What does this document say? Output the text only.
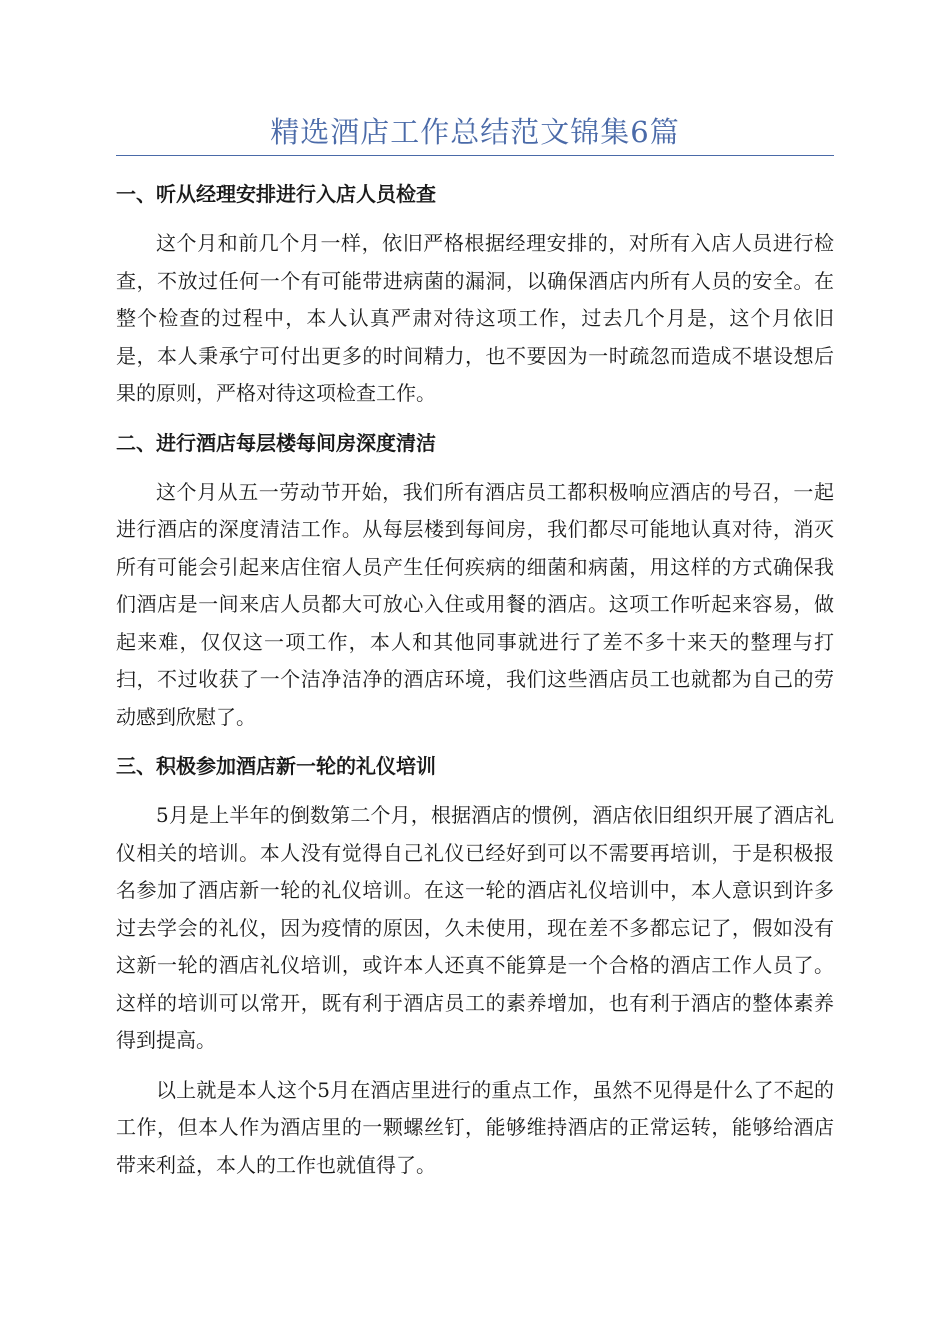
精选酒店工作总结范文锦集6篇
一、听从经理安排进行入店人员检查

这个月和前几个月一样，依旧严格根据经理安排的，对所有入店人员进行检查，不放过任何一个有可能带进病菌的漏洞，以确保酒店内所有人员的安全。在整个检查的过程中，本人认真严肃对待这项工作，过去几个月是，这个月依旧是，本人秉承宁可付出更多的时间精力，也不要因为一时疏忽而造成不堪设想后果的原则，严格对待这项检查工作。

二、进行酒店每层楼每间房深度清洁

这个月从五一劳动节开始，我们所有酒店员工都积极响应酒店的号召，一起进行酒店的深度清洁工作。从每层楼到每间房，我们都尽可能地认真对待，消灭所有可能会引起来店住宿人员产生任何疾病的细菌和病菌，用这样的方式确保我们酒店是一间来店人员都大可放心入住或用餐的酒店。这项工作听起来容易，做起来难，仅仅这一项工作，本人和其他同事就进行了差不多十来天的整理与打扫，不过收获了一个洁净洁净的酒店环境，我们这些酒店员工也就都为自己的劳动感到欣慰了。

三、积极参加酒店新一轮的礼仪培训

5月是上半年的倒数第二个月，根据酒店的惯例，酒店依旧组织开展了酒店礼仪相关的培训。本人没有觉得自己礼仪已经好到可以不需要再培训，于是积极报名参加了酒店新一轮的礼仪培训。在这一轮的酒店礼仪培训中，本人意识到许多过去学会的礼仪，因为疫情的原因，久未使用，现在差不多都忘记了，假如没有这新一轮的酒店礼仪培训，或许本人还真不能算是一个合格的酒店工作人员了。这样的培训可以常开，既有利于酒店员工的素养增加，也有利于酒店的整体素养得到提高。

以上就是本人这个5月在酒店里进行的重点工作，虽然不见得是什么了不起的工作，但本人作为酒店里的一颗螺丝钉，能够维持酒店的正常运转，能够给酒店带来利益，本人的工作也就值得了。
